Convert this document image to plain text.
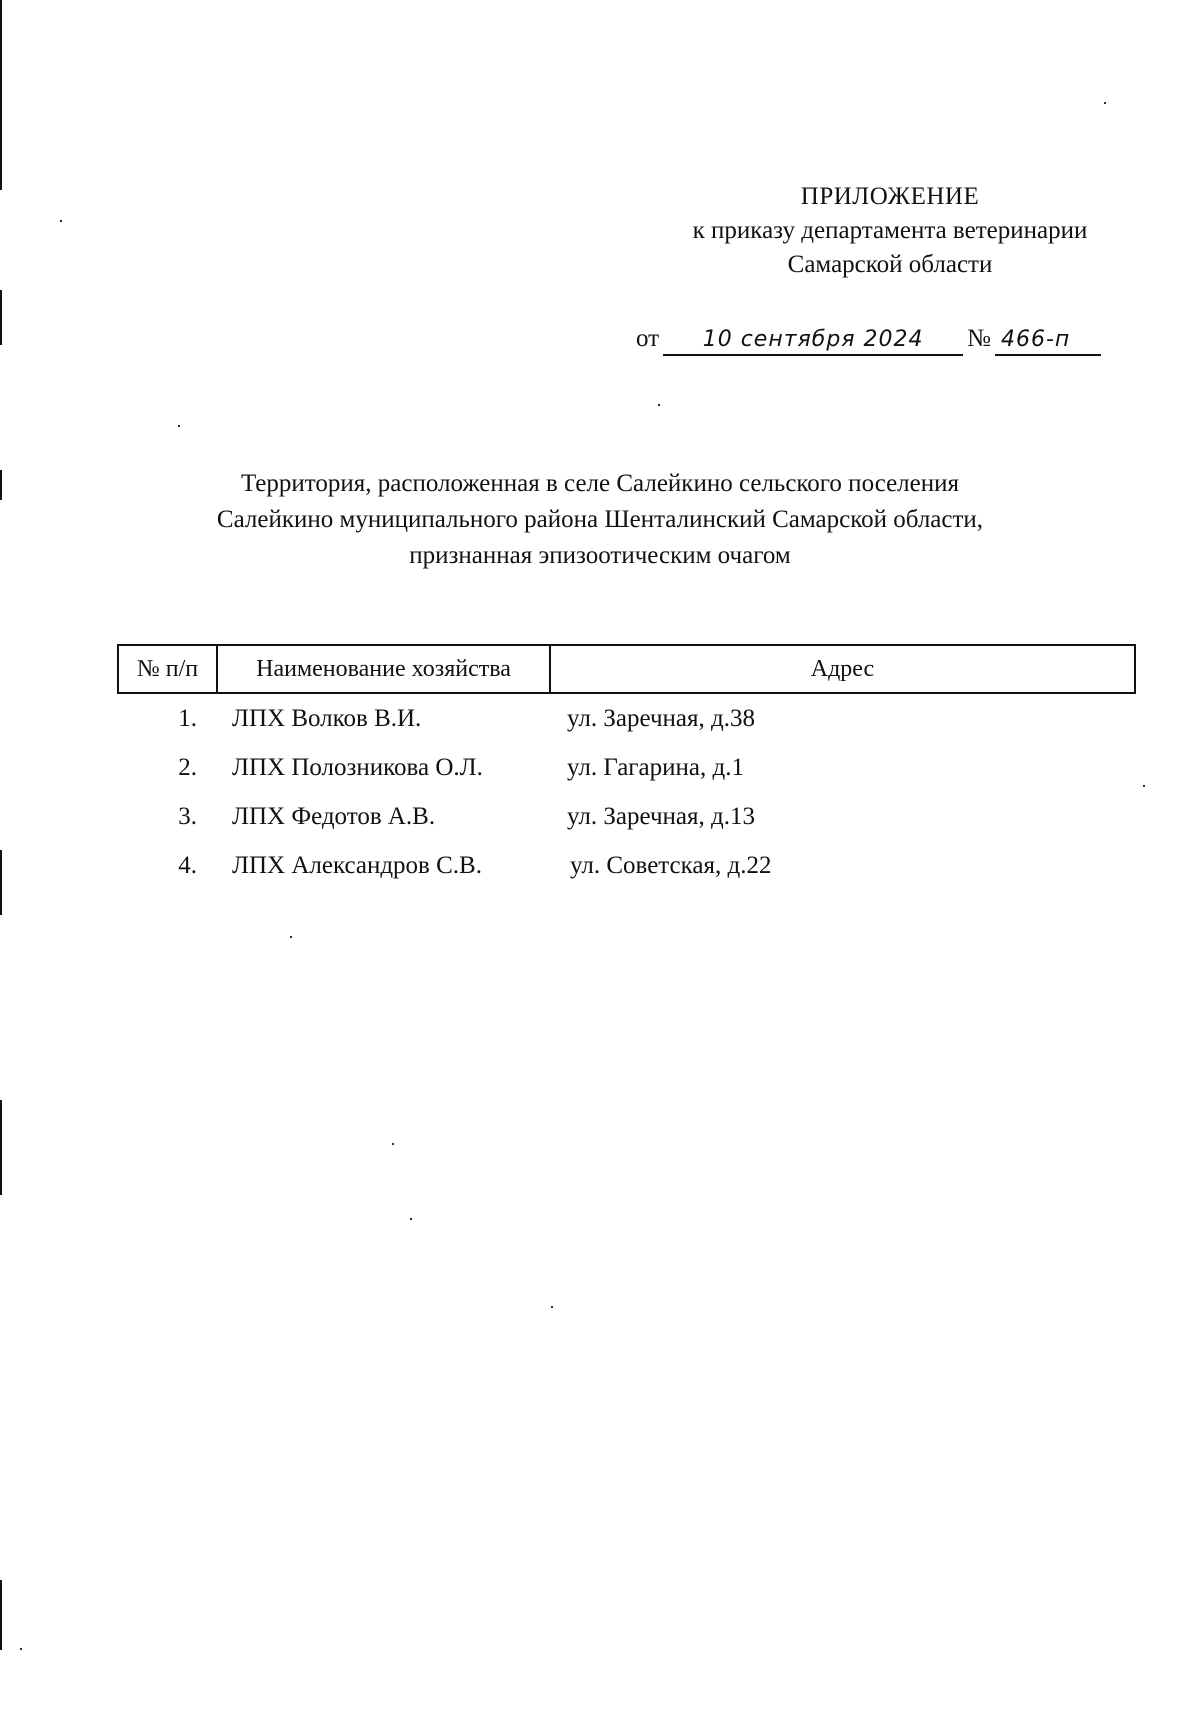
ПРИЛОЖЕНИЕ
к приказу департамента ветеринарии
Самарской области
от 10 сентября 2024 № 466-п
Территория, расположенная в селе Салейкино сельского поселения
Салейкино муниципального района Шенталинский Самарской области,
признанная эпизоотическим очагом
№ п/п	Наименование хозяйства	Адрес
1.	ЛПХ Волков В.И.	ул. Заречная, д.38
2.	ЛПХ Полозникова О.Л.	ул. Гагарина, д.1
3.	ЛПХ Федотов А.В.	ул. Заречная, д.13
4.	ЛПХ Александров С.В.	ул. Советская, д.22
